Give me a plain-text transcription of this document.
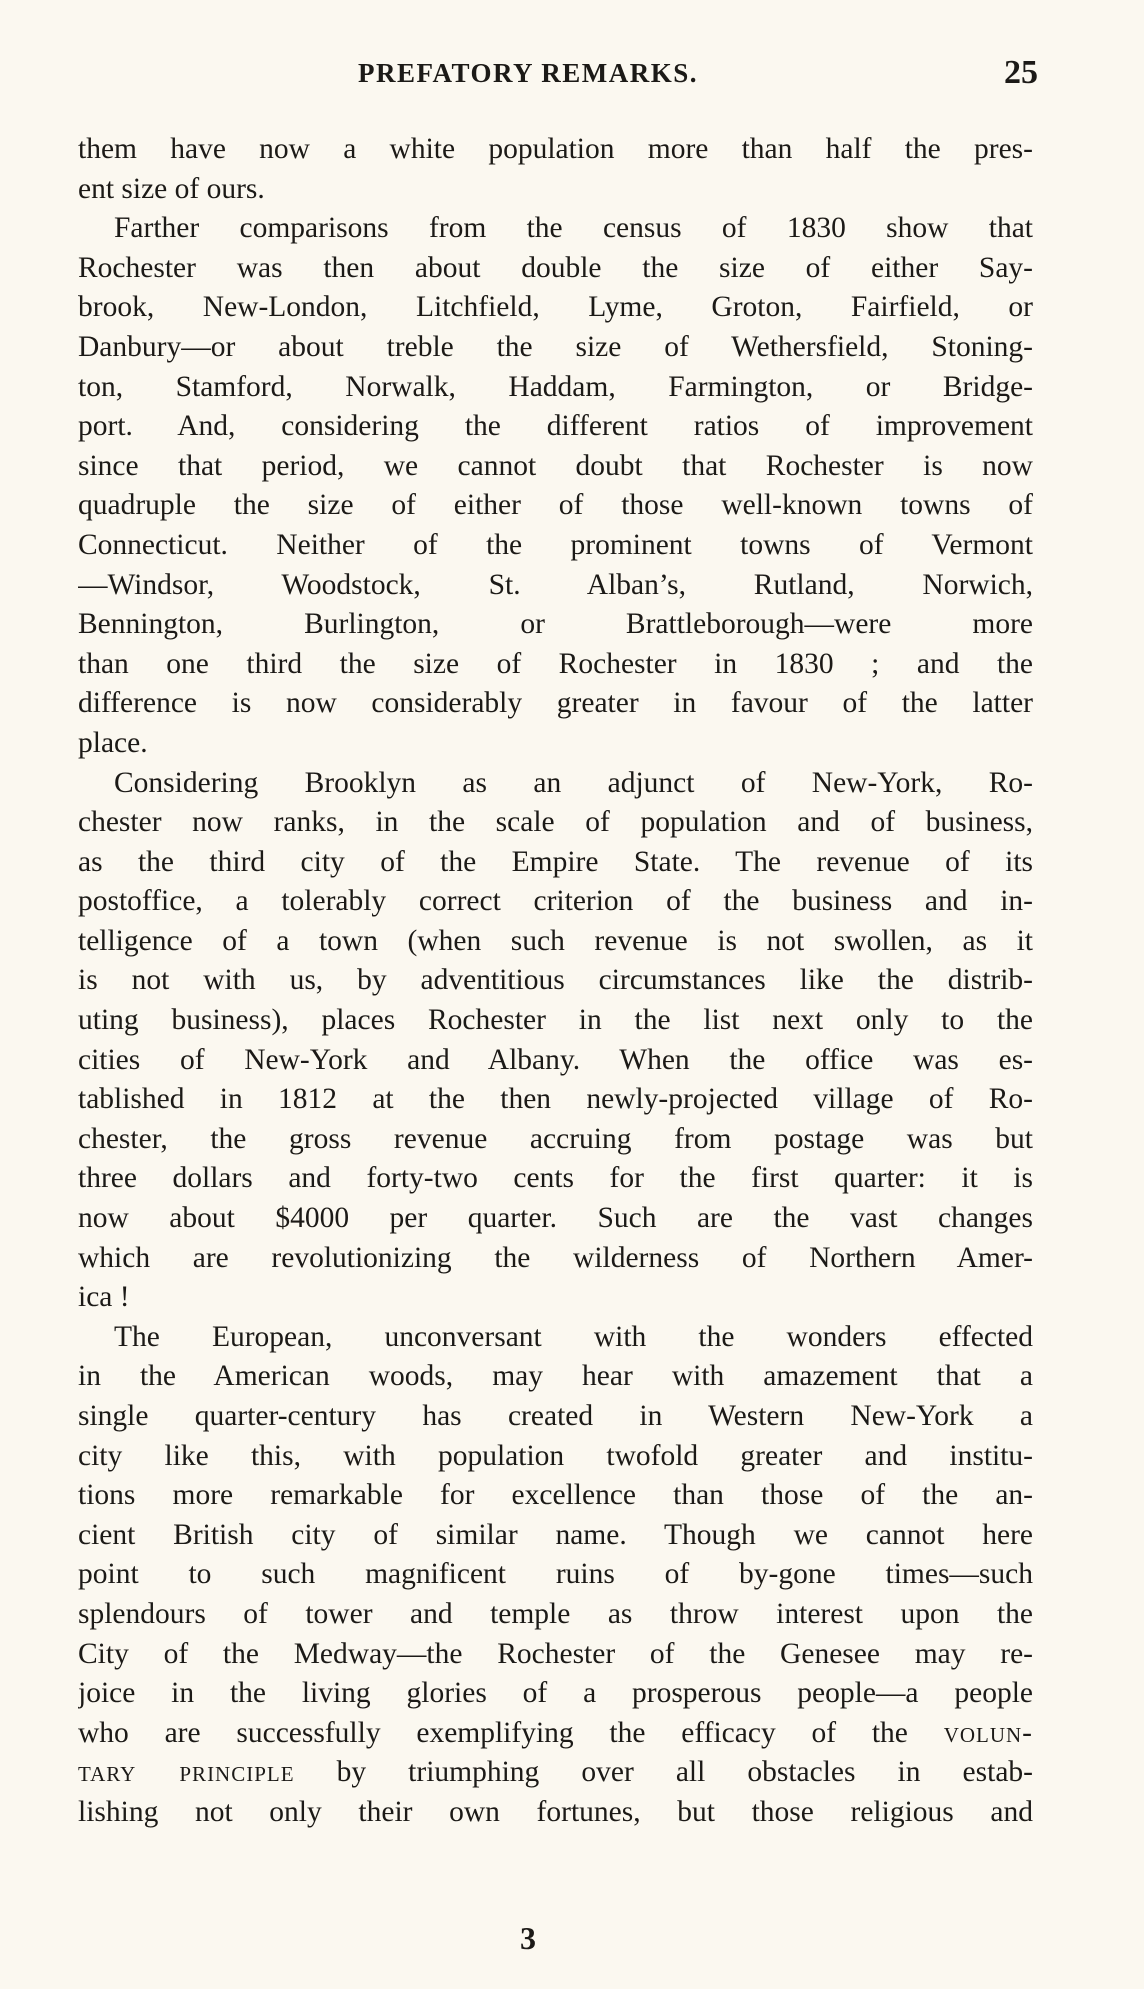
PREFATORY REMARKS.	25
them have now a white population more than half the pres-
ent size of ours.
Farther comparisons from the census of 1830 show that
Rochester was then about double the size of either Say-
brook, New-London, Litchfield, Lyme, Groton, Fairfield, or
Danbury—or about treble the size of Wethersfield, Stoning-
ton, Stamford, Norwalk, Haddam, Farmington, or Bridge-
port. And, considering the different ratios of improvement
since that period, we cannot doubt that Rochester is now
quadruple the size of either of those well-known towns of
Connecticut. Neither of the prominent towns of Vermont
—Windsor, Woodstock, St. Alban’s, Rutland, Norwich,
Bennington, Burlington, or Brattleborough—were more
than one third the size of Rochester in 1830 ; and the
difference is now considerably greater in favour of the latter
place.
Considering Brooklyn as an adjunct of New-York, Ro-
chester now ranks, in the scale of population and of business,
as the third city of the Empire State. The revenue of its
postoffice, a tolerably correct criterion of the business and in-
telligence of a town (when such revenue is not swollen, as it
is not with us, by adventitious circumstances like the distrib-
uting business), places Rochester in the list next only to the
cities of New-York and Albany. When the office was es-
tablished in 1812 at the then newly-projected village of Ro-
chester, the gross revenue accruing from postage was but
three dollars and forty-two cents for the first quarter: it is
now about $4000 per quarter. Such are the vast changes
which are revolutionizing the wilderness of Northern Amer-
ica !
The European, unconversant with the wonders effected
in the American woods, may hear with amazement that a
single quarter-century has created in Western New-York a
city like this, with population twofold greater and institu-
tions more remarkable for excellence than those of the an-
cient British city of similar name. Though we cannot here
point to such magnificent ruins of by-gone times—such
splendours of tower and temple as throw interest upon the
City of the Medway—the Rochester of the Genesee may re-
joice in the living glories of a prosperous people—a people
who are successfully exemplifying the efficacy of the volun-
tary principle by triumphing over all obstacles in estab-
lishing not only their own fortunes, but those religious and
3
